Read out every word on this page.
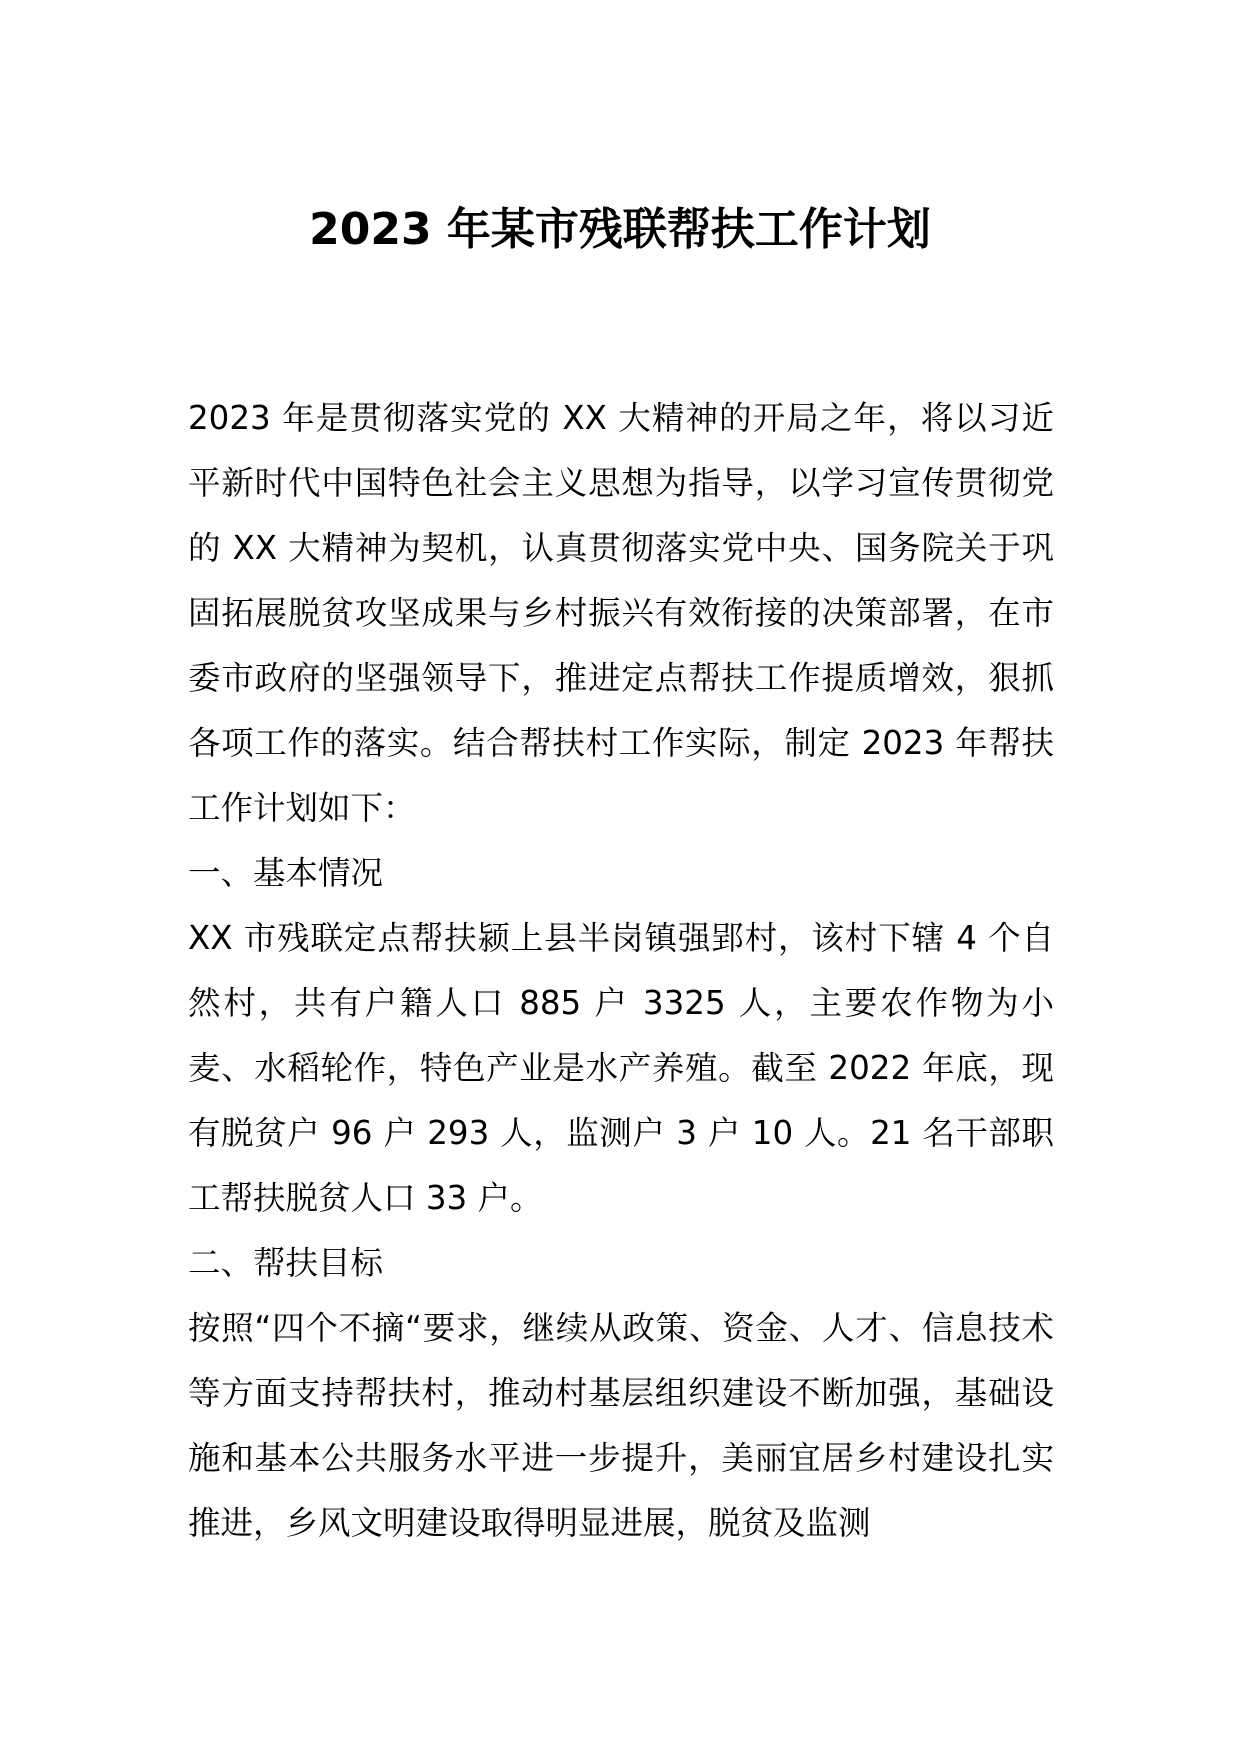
2023 年某市残联帮扶工作计划

2023 年是贯彻落实党的 XX 大精神的开局之年，将以习近平新时代中国特色社会主义思想为指导，以学习宣传贯彻党的 XX 大精神为契机，认真贯彻落实党中央、国务院关于巩固拓展脱贫攻坚成果与乡村振兴有效衔接的决策部署，在市委市政府的坚强领导下，推进定点帮扶工作提质增效，狠抓各项工作的落实。结合帮扶村工作实际，制定 2023 年帮扶工作计划如下：

一、基本情况

XX 市残联定点帮扶颍上县半岗镇强郢村，该村下辖 4 个自然村，共有户籍人口 885 户 3325 人，主要农作物为小麦、水稻轮作，特色产业是水产养殖。截至 2022 年底，现有脱贫户 96 户 293 人，监测户 3 户 10 人。21 名干部职工帮扶脱贫人口 33 户。

二、帮扶目标

按照“四个不摘“要求，继续从政策、资金、人才、信息技术等方面支持帮扶村，推动村基层组织建设不断加强，基础设施和基本公共服务水平进一步提升，美丽宜居乡村建设扎实推进，乡风文明建设取得明显进展，脱贫及监测
